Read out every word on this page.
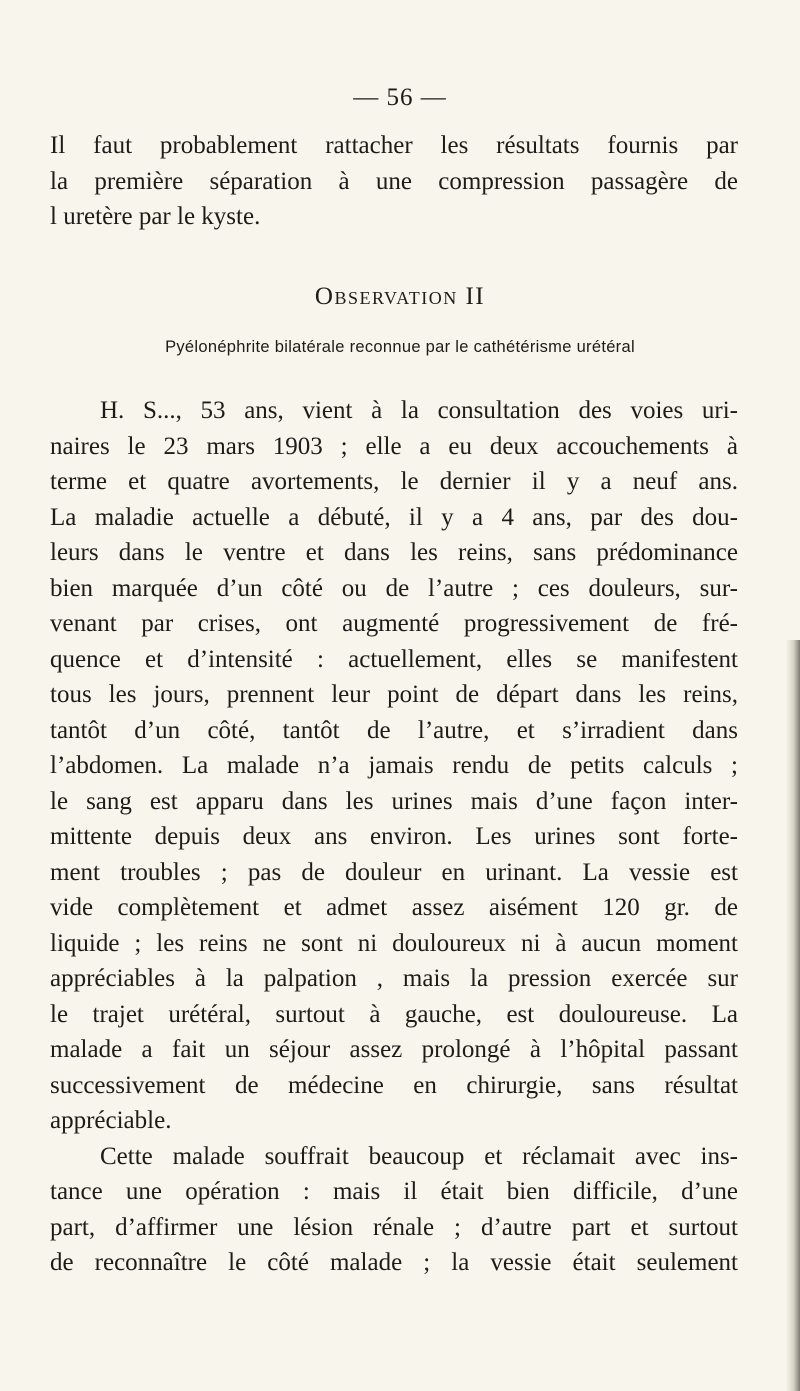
— 56 —
Il faut probablement rattacher les résultats fournis par
la première séparation à une compression passagère de
l uretère par le kyste.
Observation II
Pyélonéphrite bilatérale reconnue par le cathétérisme urétéral
H. S..., 53 ans, vient à la consultation des voies uri-
naires le 23 mars 1903 ; elle a eu deux accouchements à
terme et quatre avortements, le dernier il y a neuf ans.
La maladie actuelle a débuté, il y a 4 ans, par des dou-
leurs dans le ventre et dans les reins, sans prédominance
bien marquée d’un côté ou de l’autre ; ces douleurs, sur-
venant par crises, ont augmenté progressivement de fré-
quence et d’intensité : actuellement, elles se manifestent
tous les jours, prennent leur point de départ dans les reins,
tantôt d’un côté, tantôt de l’autre, et s’irradient dans
l’abdomen. La malade n’a jamais rendu de petits calculs ;
le sang est apparu dans les urines mais d’une façon inter-
mittente depuis deux ans environ. Les urines sont forte-
ment troubles ; pas de douleur en urinant. La vessie est
vide complètement et admet assez aisément 120 gr. de
liquide ; les reins ne sont ni douloureux ni à aucun moment
appréciables à la palpation , mais la pression exercée sur
le trajet urétéral, surtout à gauche, est douloureuse. La
malade a fait un séjour assez prolongé à l’hôpital passant
successivement de médecine en chirurgie, sans résultat
appréciable.
Cette malade souffrait beaucoup et réclamait avec ins-
tance une opération : mais il était bien difficile, d’une
part, d’affirmer une lésion rénale ; d’autre part et surtout
de reconnaître le côté malade ; la vessie était seulement
